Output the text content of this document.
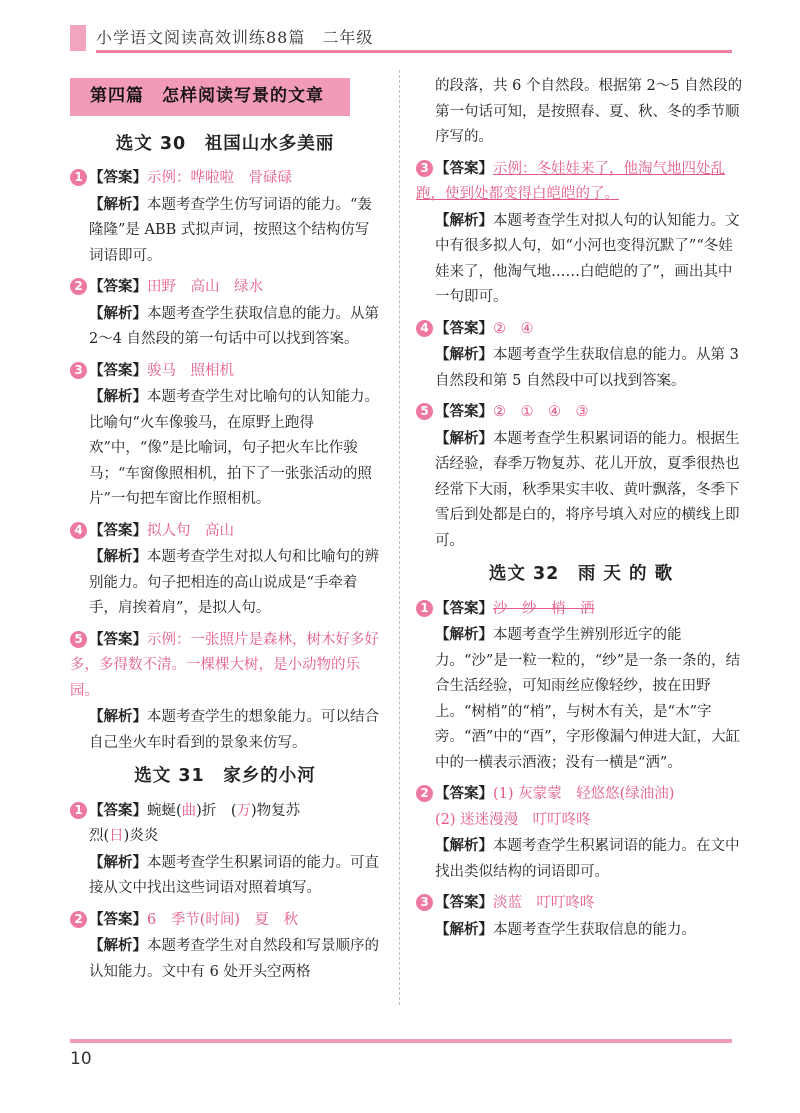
小学语文阅读高效训练88篇　二年级
第四篇 怎样阅读写景的文章
选文 30　祖国山水多美丽
1 【答案】示例：哗啦啦　骨碌碌
【解析】本题考查学生仿写词语的能力。“轰隆隆”是 ABB 式拟声词，按照这个结构仿写词语即可。
2 【答案】田野　高山　绿水
【解析】本题考查学生获取信息的能力。从第 2～4 自然段的第一句话中可以找到答案。
3 【答案】骏马　照相机
【解析】本题考查学生对比喻句的认知能力。比喻句“火车像骏马，在原野上跑得欢”中，“像”是比喻词，句子把火车比作骏马；“车窗像照相机，拍下了一张张活动的照片”一句把车窗比作照相机。
4 【答案】拟人句　高山
【解析】本题考查学生对拟人句和比喻句的辨别能力。句子把相连的高山说成是“手牵着手，肩挨着肩”，是拟人句。
5 【答案】示例：一张照片是森林，树木好多好多，多得数不清。一棵棵大树，是小动物的乐园。
【解析】本题考查学生的想象能力。可以结合自己坐火车时看到的景象来仿写。
选文 31　家乡的小河
1 【答案】蜿蜒(曲)折　(万)物复苏
烈(日)炎炎
【解析】本题考查学生积累词语的能力。可直接从文中找出这些词语对照着填写。
2 【答案】6　季节(时间)　夏　秋
【解析】本题考查学生对自然段和写景顺序的认知能力。文中有 6 处开头空两格
的段落，共 6 个自然段。根据第 2～5 自然段的第一句话可知，是按照春、夏、秋、冬的季节顺序写的。
3 【答案】示例：冬娃娃来了，他淘气地四处乱跑，使到处都变得白皑皑的了。
【解析】本题考查学生对拟人句的认知能力。文中有很多拟人句，如“小河也变得沉默了”“冬娃娃来了，他淘气地……白皑皑的了”，画出其中一句即可。
4 【答案】②　④
【解析】本题考查学生获取信息的能力。从第 3 自然段和第 5 自然段中可以找到答案。
5 【答案】②　①　④　③
【解析】本题考查学生积累词语的能力。根据生活经验，春季万物复苏、花儿开放，夏季很热也经常下大雨，秋季果实丰收、黄叶飘落，冬季下雪后到处都是白的，将序号填入对应的横线上即可。
选文 32　雨 天 的 歌
1 【答案】沙　纱　梢　洒
【解析】本题考查学生辨别形近字的能力。“沙”是一粒一粒的，“纱”是一条一条的，结合生活经验，可知雨丝应像轻纱，披在田野上。“树梢”的“梢”，与树木有关，是“木”字旁。“酒”中的“酉”，字形像漏勺伸进大缸，大缸中的一横表示酒液；没有一横是“洒”。
2 【答案】(1) 灰蒙蒙　轻悠悠(绿油油)
(2) 迷迷漫漫　叮叮咚咚
【解析】本题考查学生积累词语的能力。在文中找出类似结构的词语即可。
3 【答案】淡蓝　叮叮咚咚
【解析】本题考查学生获取信息的能力。
10
